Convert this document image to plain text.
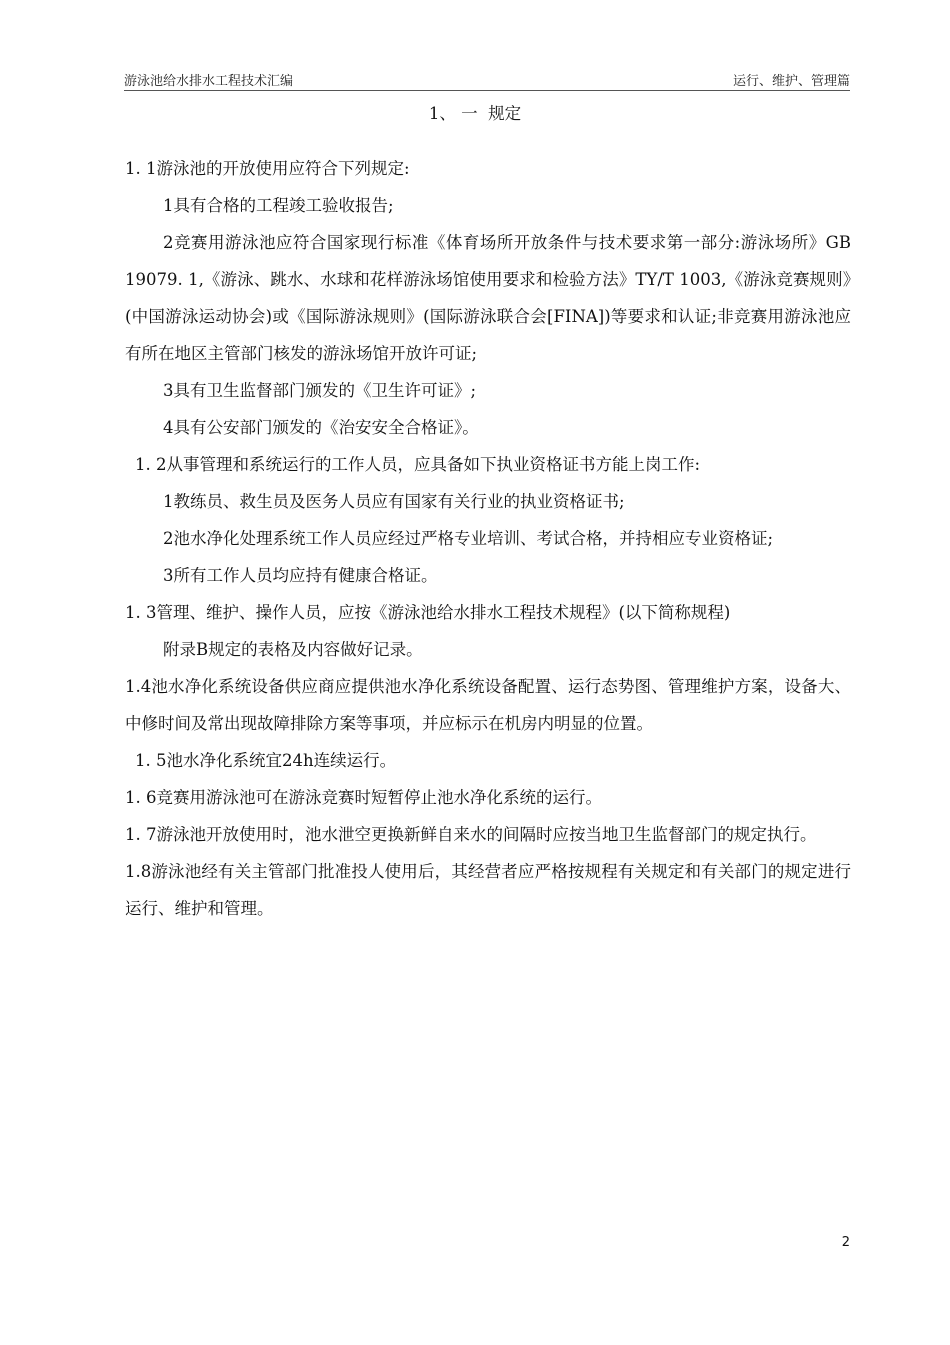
游泳池给水排水工程技术汇编	运行、维护、管理篇
1、 一  规定

1. 1游泳池的开放使用应符合下列规定:

1具有合格的工程竣工验收报告;

2竞赛用游泳池应符合国家现行标准《体育场所开放条件与技术要求第一部分:游泳场所》GB 19079. 1,《游泳、跳水、水球和花样游泳场馆使用要求和检验方法》TY/T 1003,《游泳竞赛规则》(中国游泳运动协会)或《国际游泳规则》(国际游泳联合会[FINA])等要求和认证;非竞赛用游泳池应有所在地区主管部门核发的游泳场馆开放许可证;

3具有卫生监督部门颁发的《卫生许可证》;

4具有公安部门颁发的《治安安全合格证》。

1. 2从事管理和系统运行的工作人员，应具备如下执业资格证书方能上岗工作:

1教练员、救生员及医务人员应有国家有关行业的执业资格证书;

2池水净化处理系统工作人员应经过严格专业培训、考试合格，并持相应专业资格证;

3所有工作人员均应持有健康合格证。

1. 3管理、维护、操作人员，应按《游泳池给水排水工程技术规程》(以下简称规程)

附录B规定的表格及内容做好记录。

1.4池水净化系统设备供应商应提供池水净化系统设备配置、运行态势图、管理维护方案，设备大、中修时间及常出现故障排除方案等事项，并应标示在机房内明显的位置。

1. 5池水净化系统宜24h连续运行。

1. 6竞赛用游泳池可在游泳竞赛时短暂停止池水净化系统的运行。

1. 7游泳池开放使用时，池水泄空更换新鲜自来水的间隔时应按当地卫生监督部门的规定执行。

1.8游泳池经有关主管部门批准投人使用后，其经营者应严格按规程有关规定和有关部门的规定进行运行、维护和管理。

2
